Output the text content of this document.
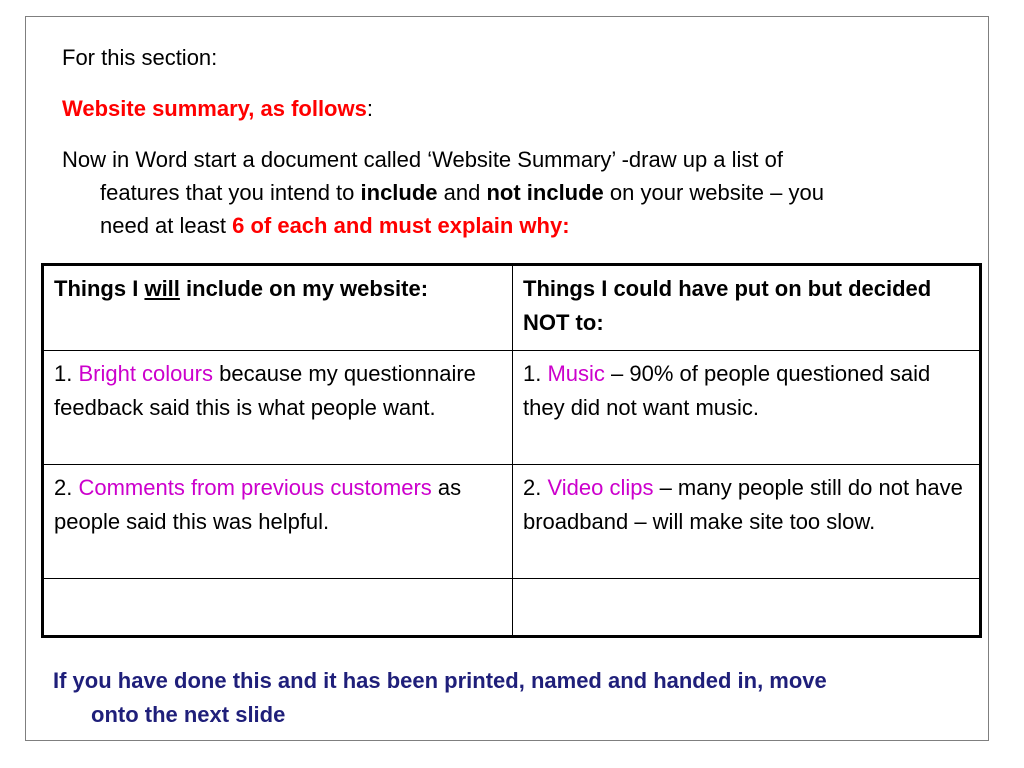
For this section:

Website summary, as follows:

Now in Word start a document called ‘Website Summary’ -draw up a list of

features that you intend to include and not include on your website – you

need at least 6 of each and must explain why:

Things I will include on my website:	Things I could have put on but decided NOT to:
1. Bright colours because my questionnaire feedback said this is what people want.	1. Music – 90% of people questioned said they did not want music.
2. Comments from previous customers as people said this was helpful.	2. Video clips – many people still do not have broadband – will make site too slow.

If you have done this and it has been printed, named and handed in, move

onto the next slide
